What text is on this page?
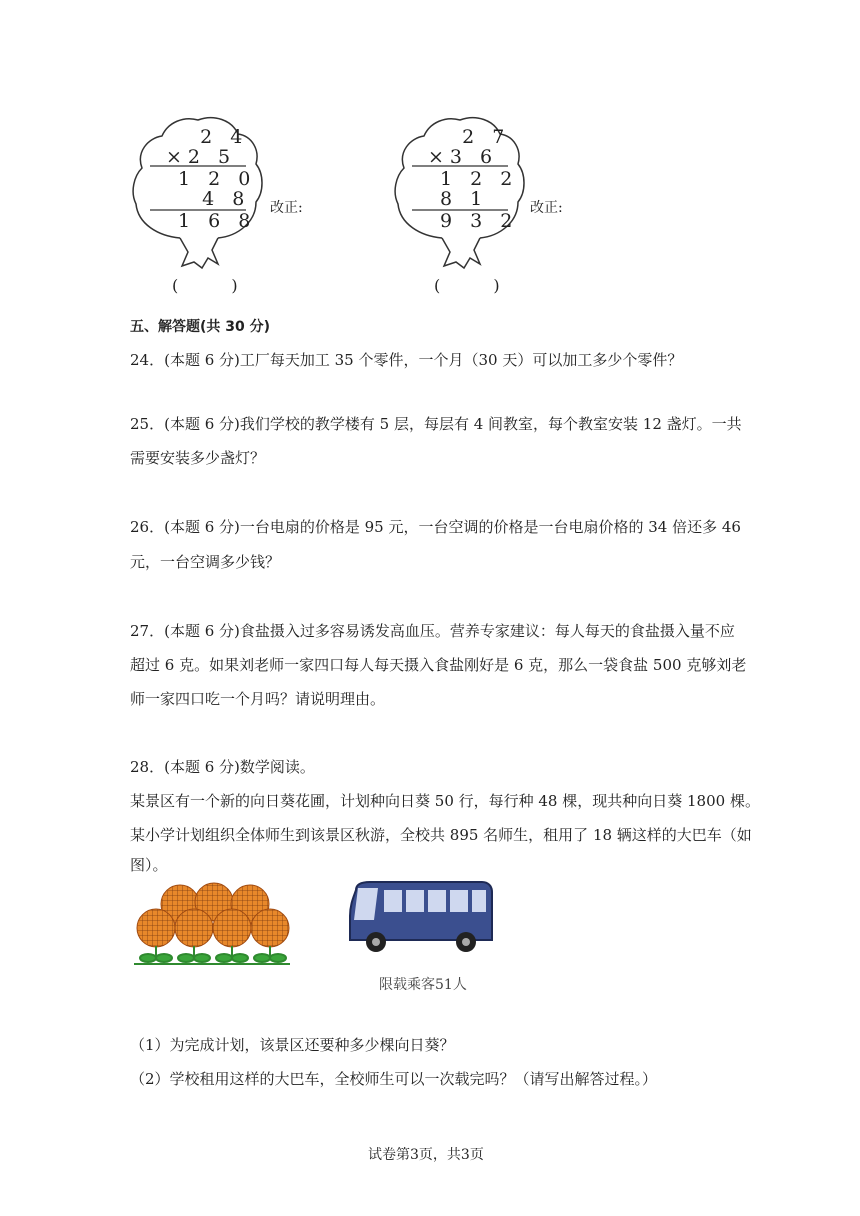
2 4
×2 5
1 2 0
4 8
1 6 8
改正:
( )
2 7
×3 6
1 2 2
8 1
9 3 2
改正:
( )
五、解答题(共 30 分)
24．(本题 6 分)工厂每天加工 35 个零件，一个月（30 天）可以加工多少个零件？
25．(本题 6 分)我们学校的教学楼有 5 层，每层有 4 间教室，每个教室安装 12 盏灯。一共
需要安装多少盏灯？
26．(本题 6 分)一台电扇的价格是 95 元，一台空调的价格是一台电扇价格的 34 倍还多 46
元，一台空调多少钱？
27．(本题 6 分)食盐摄入过多容易诱发高血压。营养专家建议：每人每天的食盐摄入量不应
超过 6 克。如果刘老师一家四口每人每天摄入食盐刚好是 6 克，那么一袋食盐 500 克够刘老
师一家四口吃一个月吗？请说明理由。
28．(本题 6 分)数学阅读。
某景区有一个新的向日葵花圃，计划种向日葵 50 行，每行种 48 棵，现共种向日葵 1800 棵。
某小学计划组织全体师生到该景区秋游，全校共 895 名师生，租用了 18 辆这样的大巴车（如
图）。
限载乘客51人
（1）为完成计划，该景区还要种多少棵向日葵？
（2）学校租用这样的大巴车，全校师生可以一次载完吗？（请写出解答过程。）
试卷第3页，共3页
